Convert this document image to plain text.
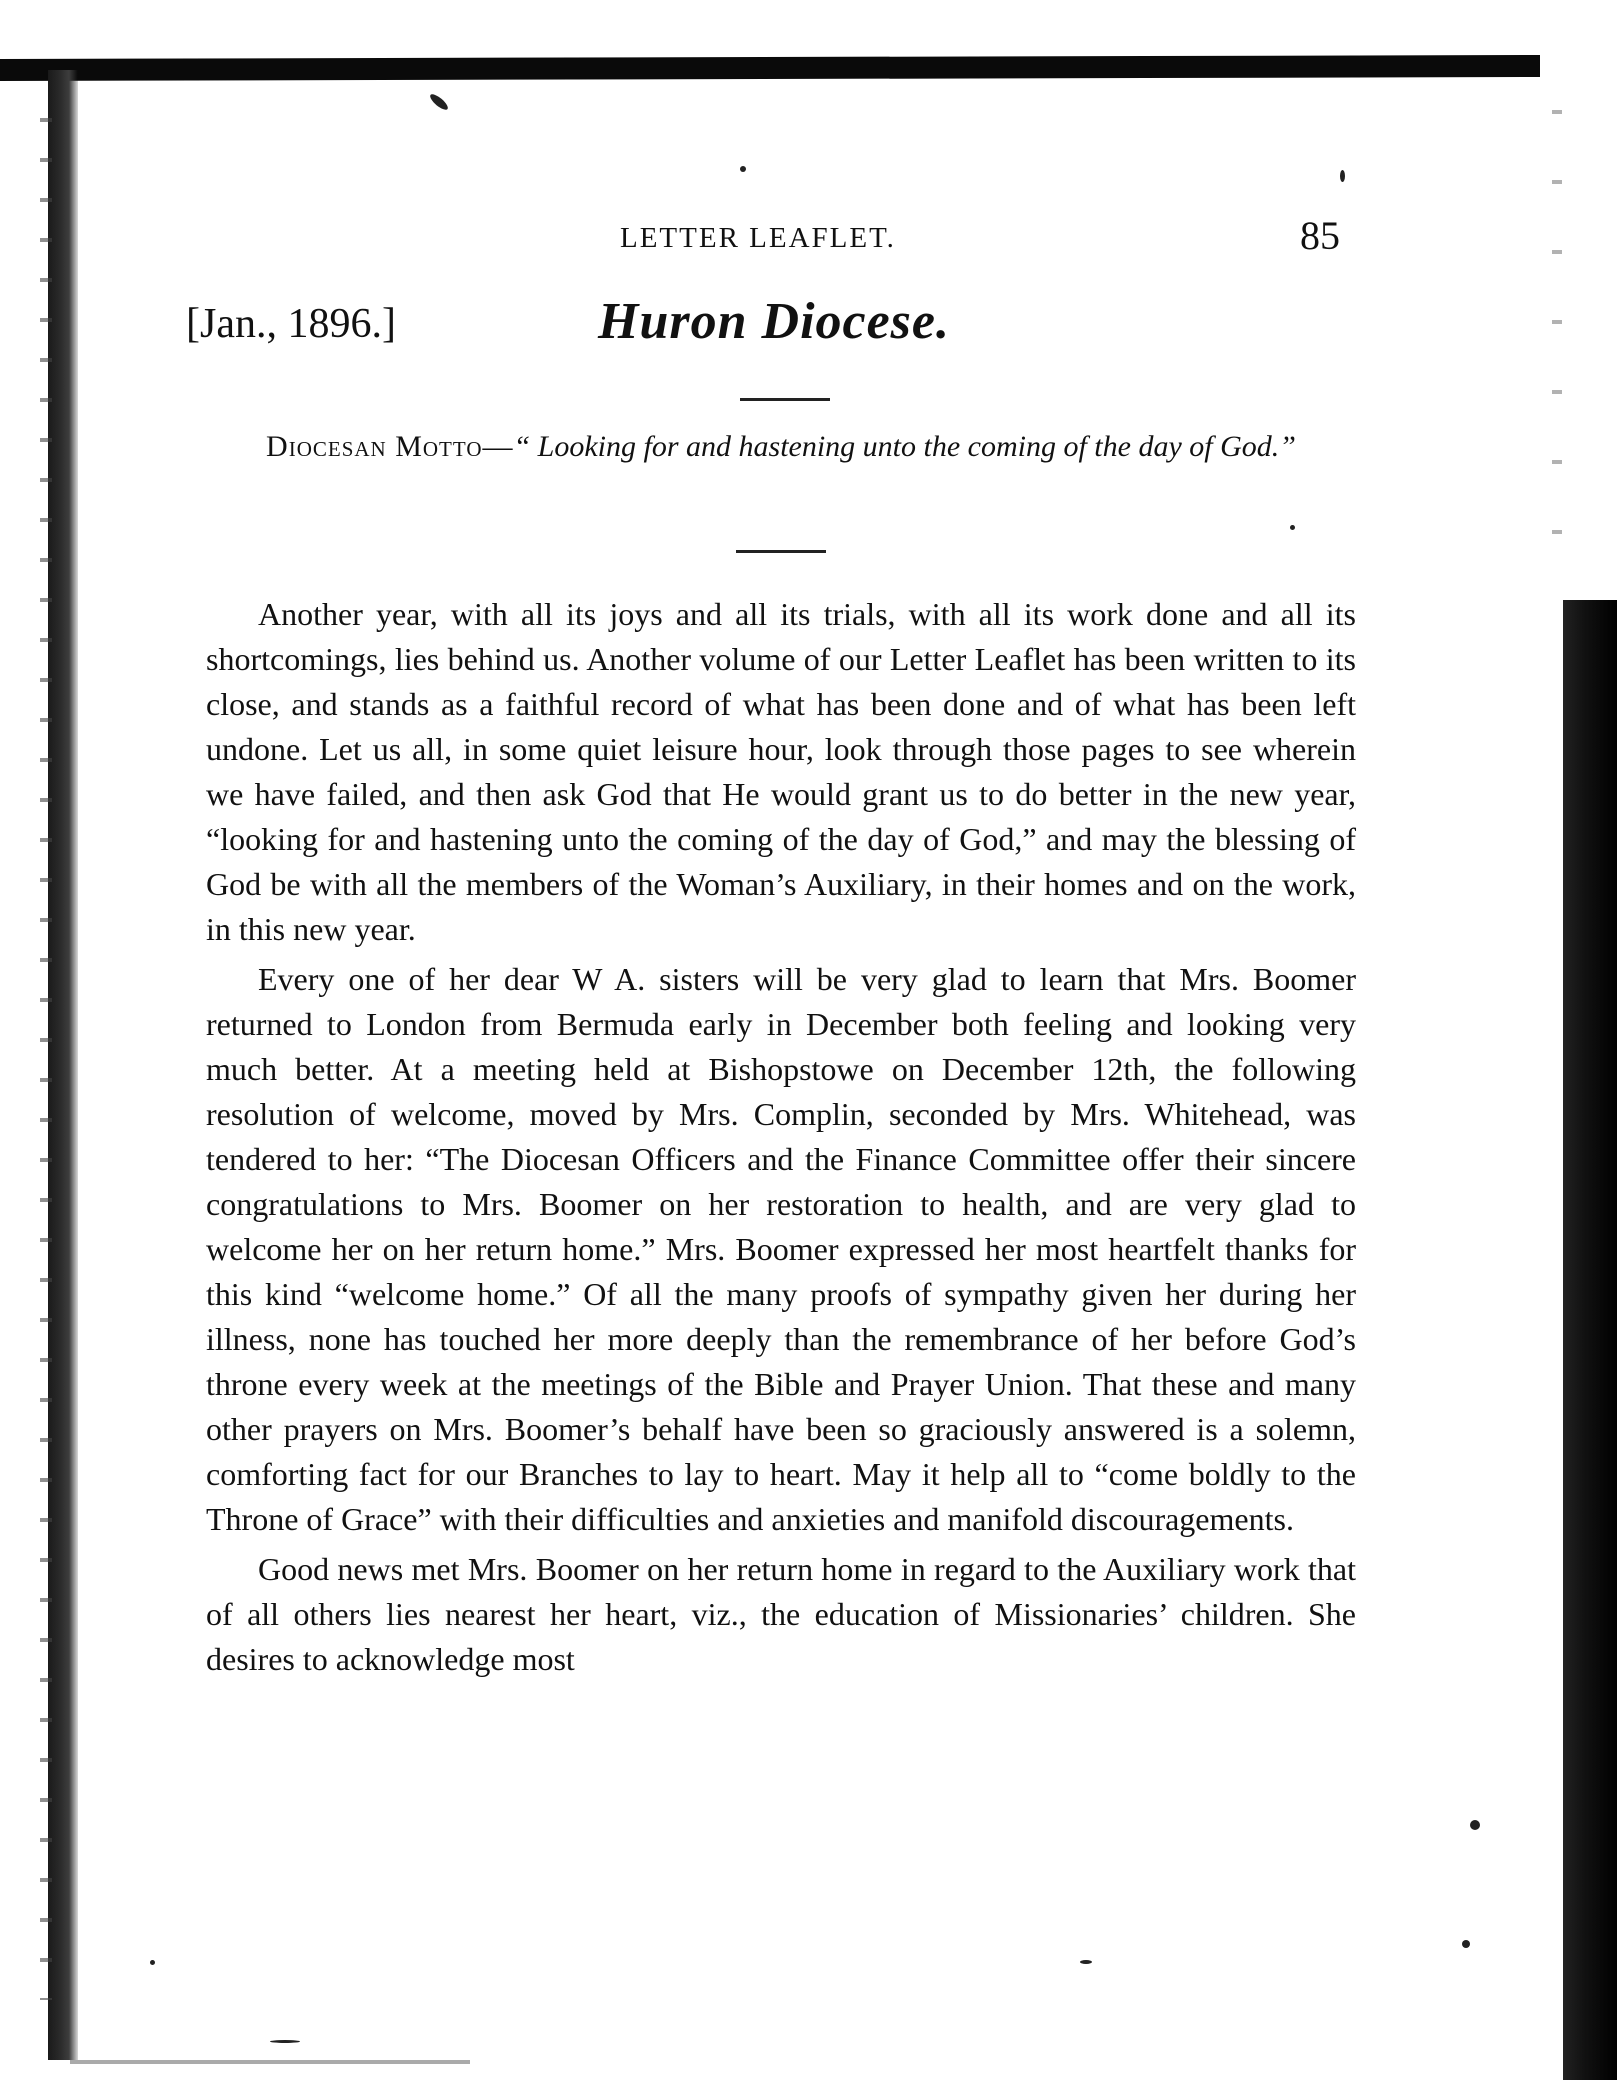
LETTER LEAFLET.	85
[Jan., 1896.]	Huron Diocese.
Diocesan Motto—“ Looking for and hastening unto the coming of the day of God.”

Another year, with all its joys and all its trials, with all its work done and all its shortcomings, lies behind us. Another volume of our Letter Leaflet has been written to its close, and stands as a faithful record of what has been done and of what has been left undone. Let us all, in some quiet leisure hour, look through those pages to see wherein we have failed, and then ask God that He would grant us to do better in the new year, “looking for and hastening unto the coming of the day of God,” and may the blessing of God be with all the members of the Woman’s Auxiliary, in their homes and on the work, in this new year.

Every one of her dear W A. sisters will be very glad to learn that Mrs. Boomer returned to London from Bermuda early in December both feeling and looking very much better. At a meeting held at Bishopstowe on December 12th, the following resolution of welcome, moved by Mrs. Complin, seconded by Mrs. Whitehead, was tendered to her: “The Diocesan Officers and the Finance Committee offer their sincere congratulations to Mrs. Boomer on her restoration to health, and are very glad to welcome her on her return home.” Mrs. Boomer expressed her most heartfelt thanks for this kind “welcome home.” Of all the many proofs of sympathy given her during her illness, none has touched her more deeply than the remembrance of her before God’s throne every week at the meetings of the Bible and Prayer Union. That these and many other prayers on Mrs. Boomer’s behalf have been so graciously answered is a solemn, comforting fact for our Branches to lay to heart. May it help all to “come boldly to the Throne of Grace” with their difficulties and anxieties and manifold discouragements.

Good news met Mrs. Boomer on her return home in regard to the Auxiliary work that of all others lies nearest her heart, viz., the education of Missionaries’ children. She desires to acknowledge most
